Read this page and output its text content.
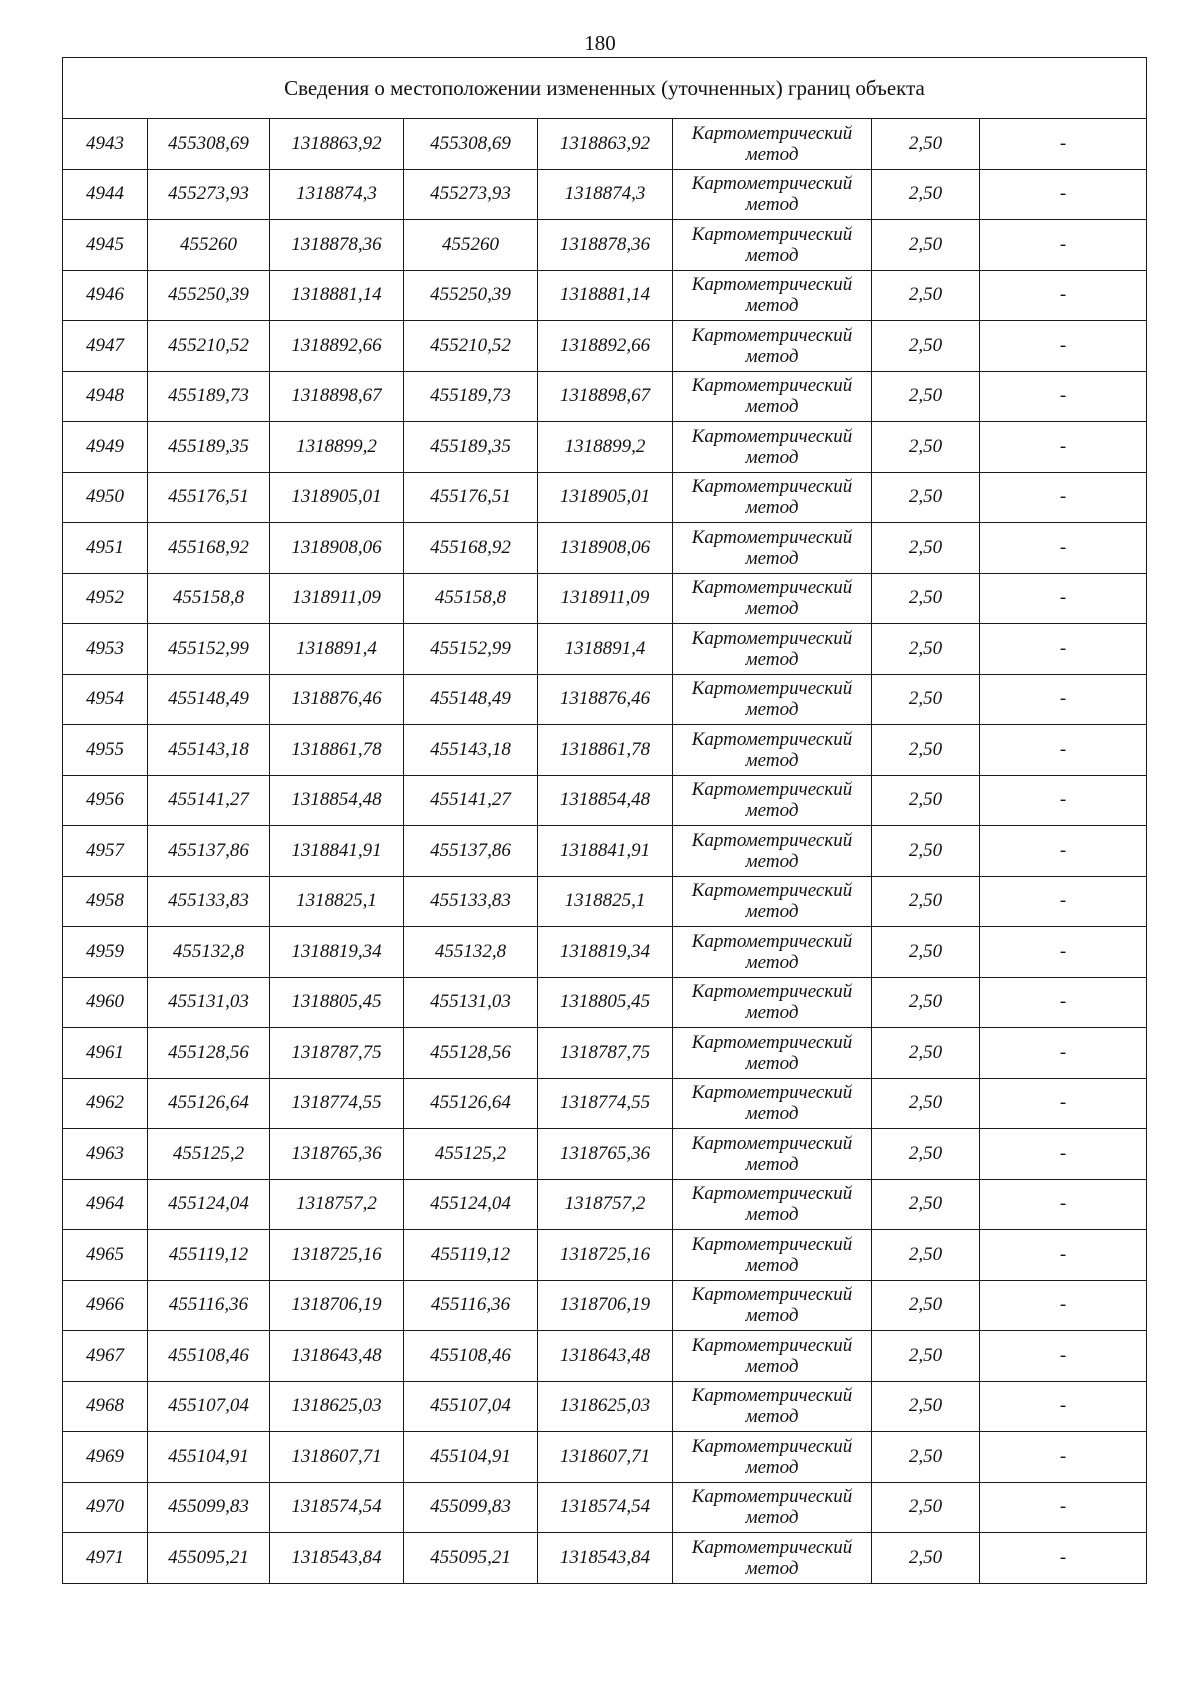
180
Сведения о местоположении измененных (уточненных) границ объекта							
4943	455308,69	1318863,92	455308,69	1318863,92	Картометрический
метод	2,50	-
4944	455273,93	1318874,3	455273,93	1318874,3	Картометрический
метод	2,50	-
4945	455260	1318878,36	455260	1318878,36	Картометрический
метод	2,50	-
4946	455250,39	1318881,14	455250,39	1318881,14	Картометрический
метод	2,50	-
4947	455210,52	1318892,66	455210,52	1318892,66	Картометрический
метод	2,50	-
4948	455189,73	1318898,67	455189,73	1318898,67	Картометрический
метод	2,50	-
4949	455189,35	1318899,2	455189,35	1318899,2	Картометрический
метод	2,50	-
4950	455176,51	1318905,01	455176,51	1318905,01	Картометрический
метод	2,50	-
4951	455168,92	1318908,06	455168,92	1318908,06	Картометрический
метод	2,50	-
4952	455158,8	1318911,09	455158,8	1318911,09	Картометрический
метод	2,50	-
4953	455152,99	1318891,4	455152,99	1318891,4	Картометрический
метод	2,50	-
4954	455148,49	1318876,46	455148,49	1318876,46	Картометрический
метод	2,50	-
4955	455143,18	1318861,78	455143,18	1318861,78	Картометрический
метод	2,50	-
4956	455141,27	1318854,48	455141,27	1318854,48	Картометрический
метод	2,50	-
4957	455137,86	1318841,91	455137,86	1318841,91	Картометрический
метод	2,50	-
4958	455133,83	1318825,1	455133,83	1318825,1	Картометрический
метод	2,50	-
4959	455132,8	1318819,34	455132,8	1318819,34	Картометрический
метод	2,50	-
4960	455131,03	1318805,45	455131,03	1318805,45	Картометрический
метод	2,50	-
4961	455128,56	1318787,75	455128,56	1318787,75	Картометрический
метод	2,50	-
4962	455126,64	1318774,55	455126,64	1318774,55	Картометрический
метод	2,50	-
4963	455125,2	1318765,36	455125,2	1318765,36	Картометрический
метод	2,50	-
4964	455124,04	1318757,2	455124,04	1318757,2	Картометрический
метод	2,50	-
4965	455119,12	1318725,16	455119,12	1318725,16	Картометрический
метод	2,50	-
4966	455116,36	1318706,19	455116,36	1318706,19	Картометрический
метод	2,50	-
4967	455108,46	1318643,48	455108,46	1318643,48	Картометрический
метод	2,50	-
4968	455107,04	1318625,03	455107,04	1318625,03	Картометрический
метод	2,50	-
4969	455104,91	1318607,71	455104,91	1318607,71	Картометрический
метод	2,50	-
4970	455099,83	1318574,54	455099,83	1318574,54	Картометрический
метод	2,50	-
4971	455095,21	1318543,84	455095,21	1318543,84	Картометрический
метод	2,50	-
